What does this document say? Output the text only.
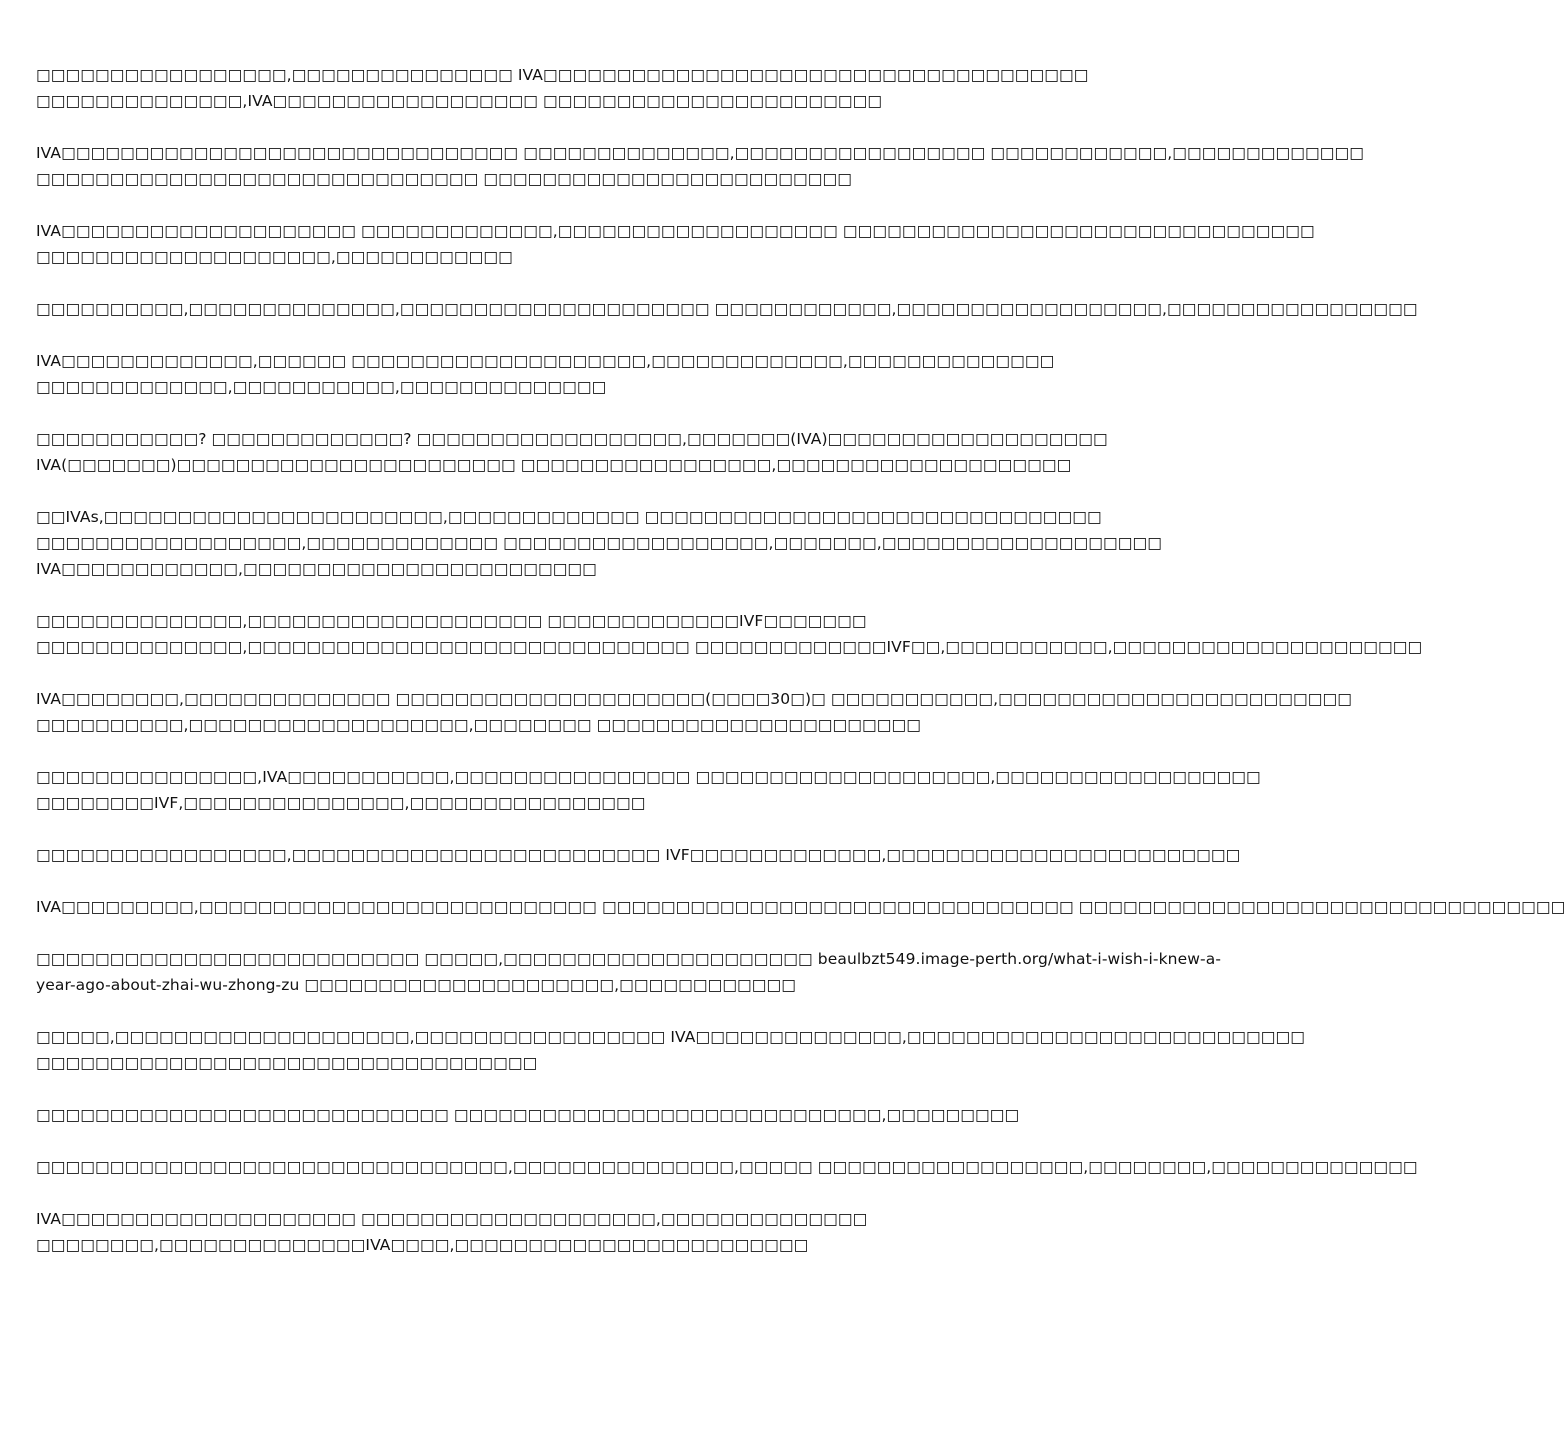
□□□□□□□□□□□□□□□□□,□□□□□□□□□□□□□□□ IVA□□□□□□□□□□□□□□□□□□□□□□□□□□□□□□□□□□□□□
□□□□□□□□□□□□□□,IVA□□□□□□□□□□□□□□□□□□ □□□□□□□□□□□□□□□□□□□□□□□

IVA□□□□□□□□□□□□□□□□□□□□□□□□□□□□□□□ □□□□□□□□□□□□□□,□□□□□□□□□□□□□□□□□ □□□□□□□□□□□□,□□□□□□□□□□□□□
□□□□□□□□□□□□□□□□□□□□□□□□□□□□□□ □□□□□□□□□□□□□□□□□□□□□□□□□

IVA□□□□□□□□□□□□□□□□□□□□ □□□□□□□□□□□□□,□□□□□□□□□□□□□□□□□□□ □□□□□□□□□□□□□□□□□□□□□□□□□□□□□□□□
□□□□□□□□□□□□□□□□□□□□,□□□□□□□□□□□□

□□□□□□□□□□,□□□□□□□□□□□□□□,□□□□□□□□□□□□□□□□□□□□□ □□□□□□□□□□□□,□□□□□□□□□□□□□□□□□□,□□□□□□□□□□□□□□□□□

IVA□□□□□□□□□□□□□,□□□□□□ □□□□□□□□□□□□□□□□□□□□,□□□□□□□□□□□□□,□□□□□□□□□□□□□□
□□□□□□□□□□□□□,□□□□□□□□□□□,□□□□□□□□□□□□□□

□□□□□□□□□□□? □□□□□□□□□□□□□? □□□□□□□□□□□□□□□□□□,□□□□□□□(IVA)□□□□□□□□□□□□□□□□□□□
IVA(□□□□□□□)□□□□□□□□□□□□□□□□□□□□□□□ □□□□□□□□□□□□□□□□□,□□□□□□□□□□□□□□□□□□□□

□□IVAs,□□□□□□□□□□□□□□□□□□□□□□□,□□□□□□□□□□□□□ □□□□□□□□□□□□□□□□□□□□□□□□□□□□□□□
□□□□□□□□□□□□□□□□□□,□□□□□□□□□□□□□ □□□□□□□□□□□□□□□□□□,□□□□□□□,□□□□□□□□□□□□□□□□□□□
IVA□□□□□□□□□□□□,□□□□□□□□□□□□□□□□□□□□□□□□

□□□□□□□□□□□□□□,□□□□□□□□□□□□□□□□□□□□ □□□□□□□□□□□□□IVF□□□□□□□
□□□□□□□□□□□□□□,□□□□□□□□□□□□□□□□□□□□□□□□□□□□□□ □□□□□□□□□□□□□IVF□□,□□□□□□□□□□□,□□□□□□□□□□□□□□□□□□□□□

IVA□□□□□□□□,□□□□□□□□□□□□□□ □□□□□□□□□□□□□□□□□□□□□(□□□□30□)□ □□□□□□□□□□□,□□□□□□□□□□□□□□□□□□□□□□□□
□□□□□□□□□□,□□□□□□□□□□□□□□□□□□□,□□□□□□□□ □□□□□□□□□□□□□□□□□□□□□□

□□□□□□□□□□□□□□□,IVA□□□□□□□□□□□,□□□□□□□□□□□□□□□□ □□□□□□□□□□□□□□□□□□□□,□□□□□□□□□□□□□□□□□□
□□□□□□□□IVF,□□□□□□□□□□□□□□□,□□□□□□□□□□□□□□□□

□□□□□□□□□□□□□□□□□,□□□□□□□□□□□□□□□□□□□□□□□□□ IVF□□□□□□□□□□□□□,□□□□□□□□□□□□□□□□□□□□□□□□

IVA□□□□□□□□□,□□□□□□□□□□□□□□□□□□□□□□□□□□□ □□□□□□□□□□□□□□□□□□□□□□□□□□□□□□□□ □□□□□□□□□□□□□□□□□□□□□□□□□□□□□□□□□

□□□□□□□□□□□□□□□□□□□□□□□□□□ □□□□□,□□□□□□□□□□□□□□□□□□□□□ beaulbzt549.image-perth.org/what-i-wish-i-knew-a-
year-ago-about-zhai-wu-zhong-zu □□□□□□□□□□□□□□□□□□□□□,□□□□□□□□□□□□

□□□□□,□□□□□□□□□□□□□□□□□□□□,□□□□□□□□□□□□□□□□□ IVA□□□□□□□□□□□□□□,□□□□□□□□□□□□□□□□□□□□□□□□□□□
□□□□□□□□□□□□□□□□□□□□□□□□□□□□□□□□□□

□□□□□□□□□□□□□□□□□□□□□□□□□□□□ □□□□□□□□□□□□□□□□□□□□□□□□□□□□□,□□□□□□□□□

□□□□□□□□□□□□□□□□□□□□□□□□□□□□□□□□,□□□□□□□□□□□□□□□,□□□□□ □□□□□□□□□□□□□□□□□□,□□□□□□□□,□□□□□□□□□□□□□□

IVA□□□□□□□□□□□□□□□□□□□□ □□□□□□□□□□□□□□□□□□□□,□□□□□□□□□□□□□□
□□□□□□□□,□□□□□□□□□□□□□□IVA□□□□,□□□□□□□□□□□□□□□□□□□□□□□□
